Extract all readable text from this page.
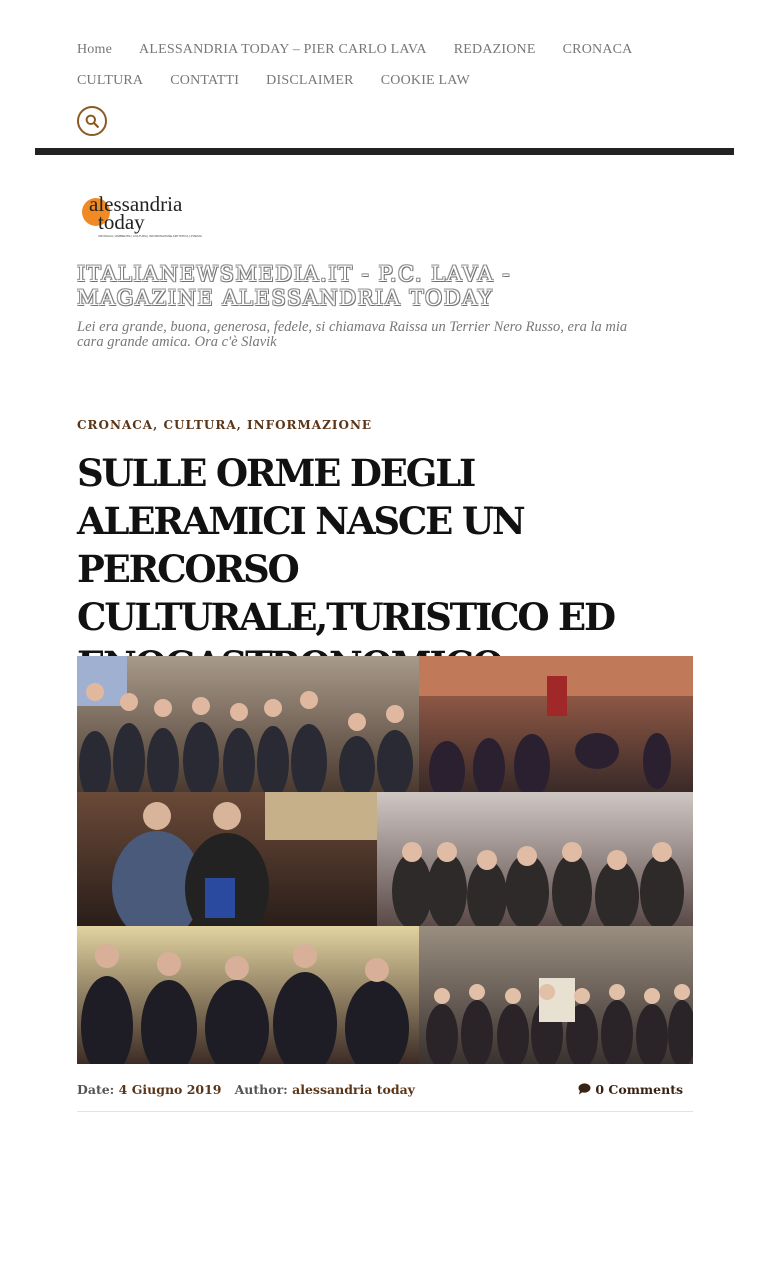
Home ALESSANDRIA TODAY – PIER CARLO LAVA REDAZIONE CRONACA
CULTURA CONTATTI DISCLAIMER COOKIE LAW
alessandria
today
CRONACA | AMBIENTE | CULTURA | INFORMAZIONE ARTISTICA | POESIA
ITALIANEWSMEDIA.IT - P.C. LAVA -
MAGAZINE ALESSANDRIA TODAY
Lei era grande, buona, generosa, fedele, si chiamava Raissa un Terrier Nero Russo, era la mia cara grande amica. Ora c'è Slavik
CRONACA, CULTURA, INFORMAZIONE
SULLE ORME DEGLI ALERAMICI NASCE UN PERCORSO CULTURALE,TURISTICO ED
Date: 4 Giugno 2019 Author: alessandria today	0 Comments
